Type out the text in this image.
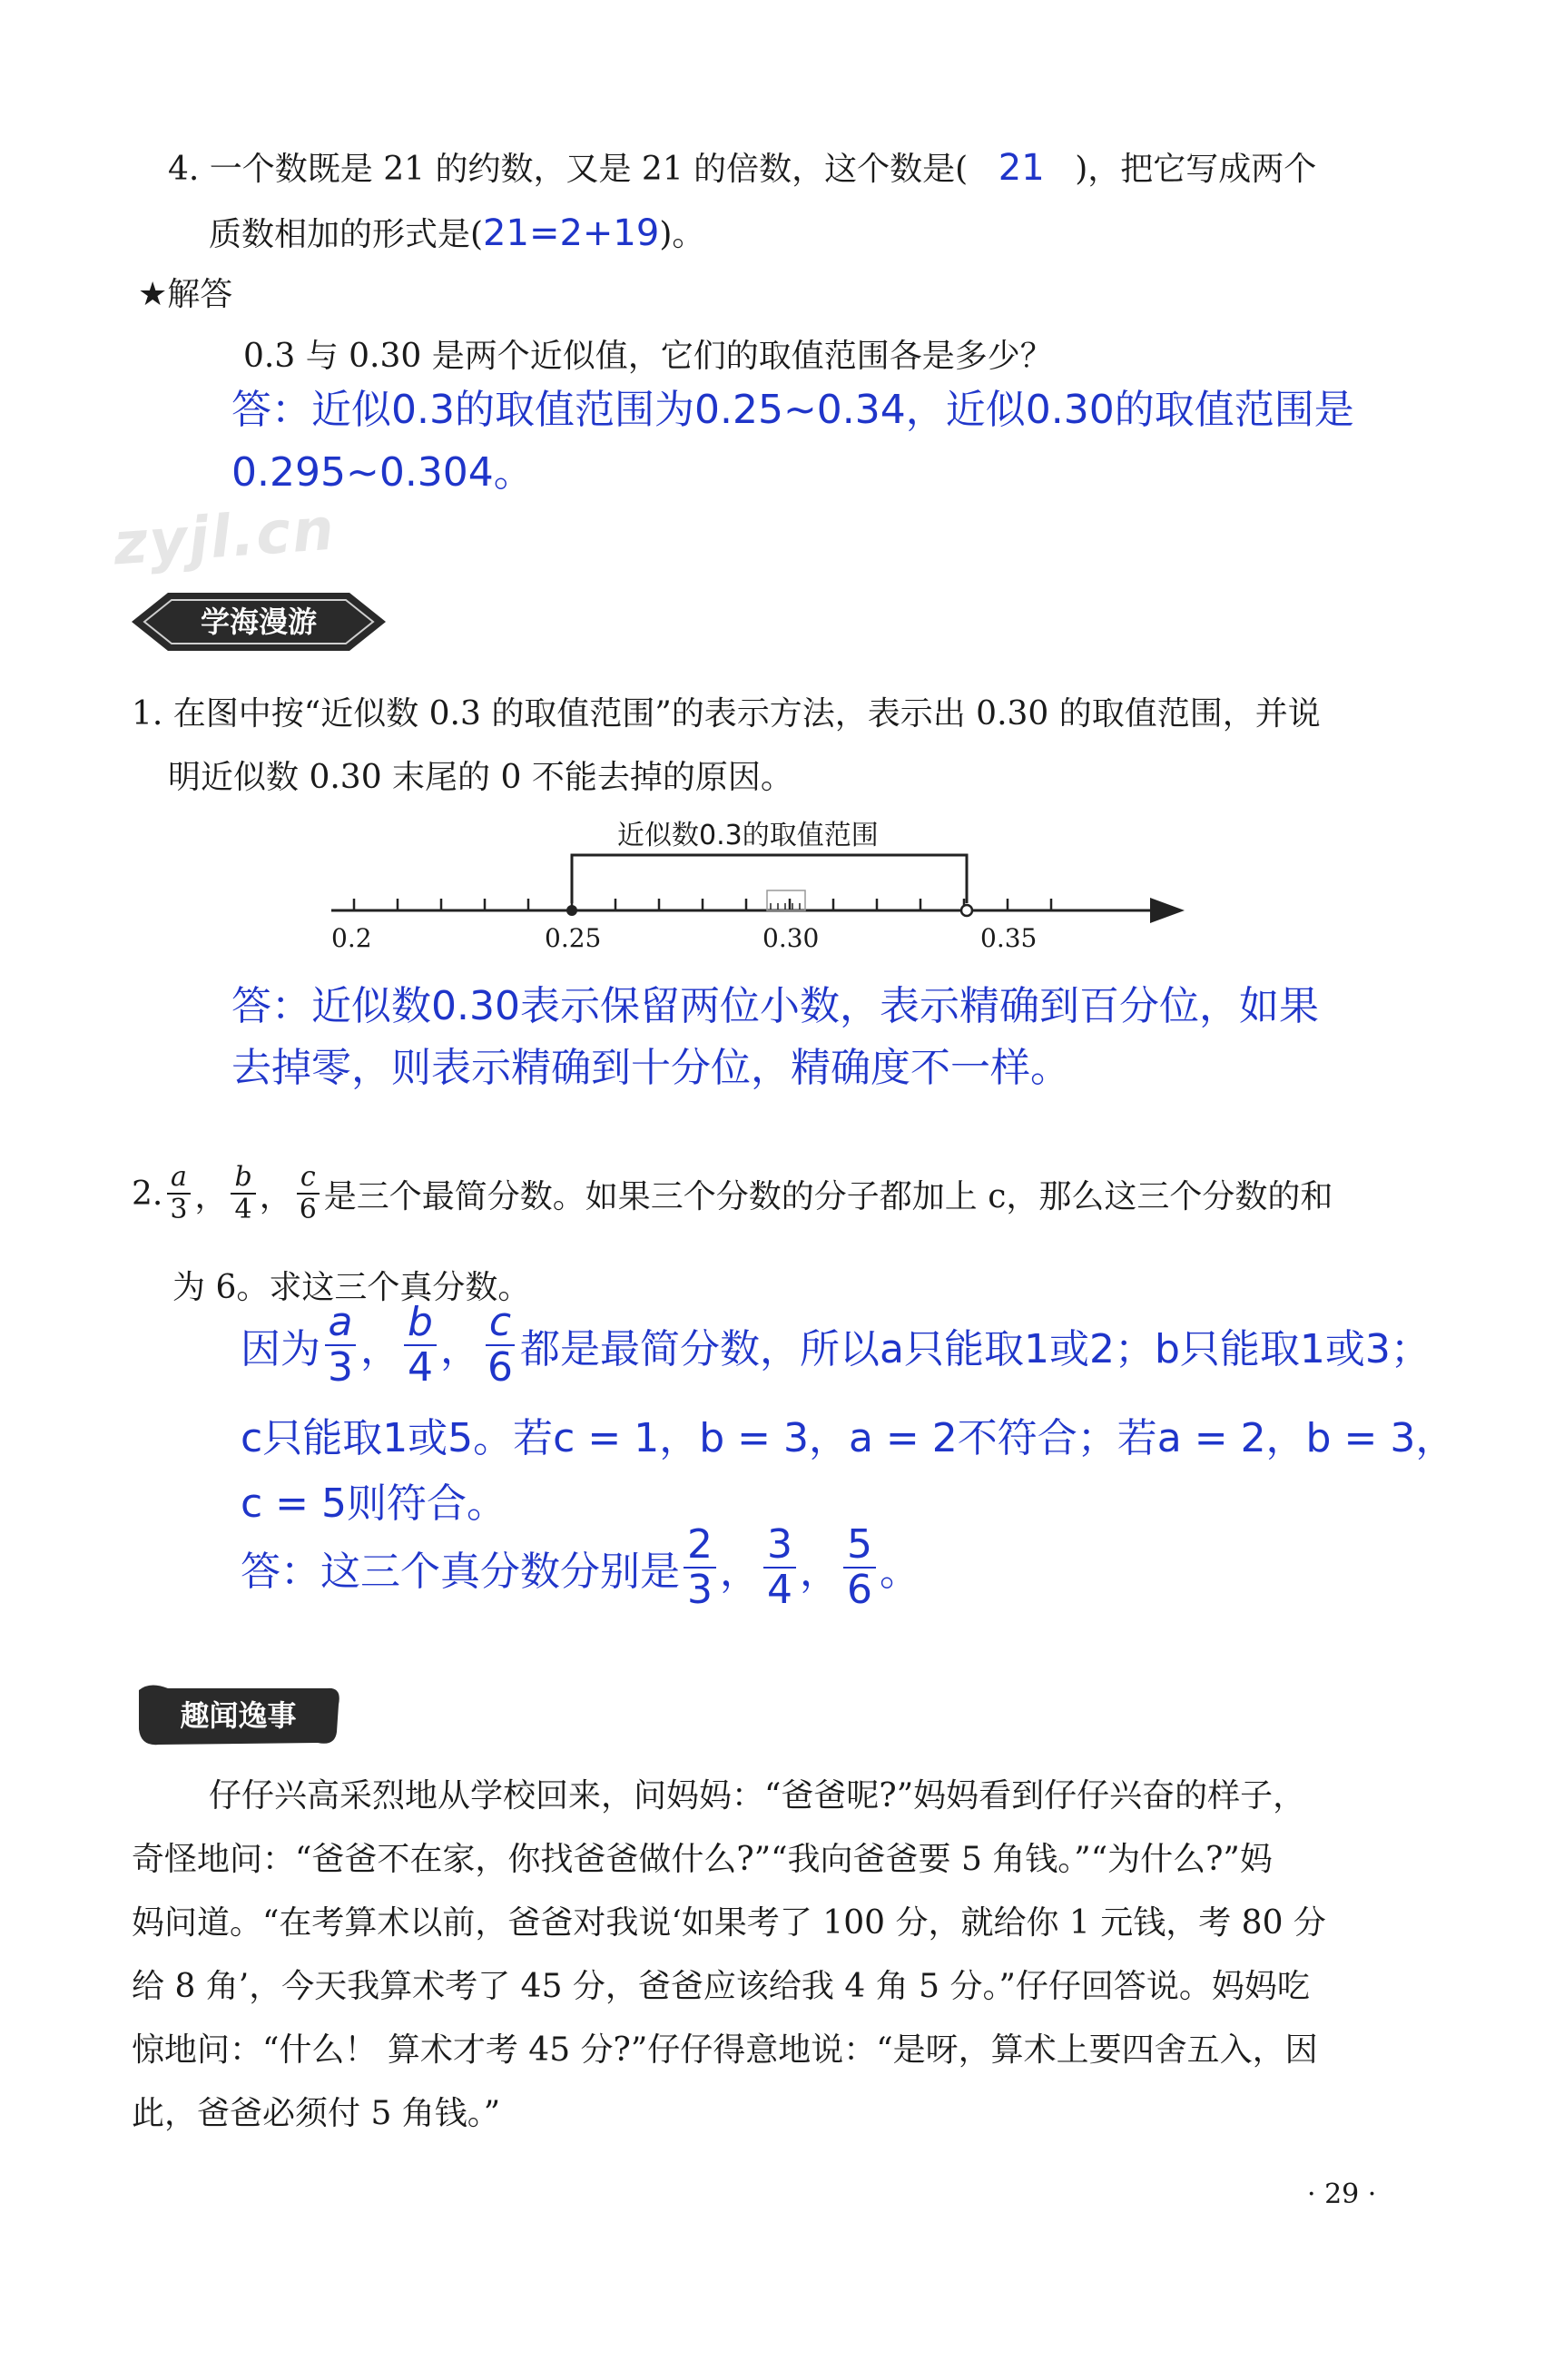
4. 一个数既是 21 的约数，又是 21 的倍数，这个数是( 21 )，把它写成两个
质数相加的形式是(21=2+19)。
★解答
0.3 与 0.30 是两个近似值，它们的取值范围各是多少？
答：近似0.3的取值范围为0.25~0.34，近似0.30的取值范围是
0.295~0.304。
zyjl.cn
学海漫游
1. 在图中按“近似数 0.3 的取值范围”的表示方法，表示出 0.30 的取值范围，并说
明近似数 0.30 末尾的 0 不能去掉的原因。
近似数0.3的取值范围
0.2	0.25	0.30	0.35
答：近似数0.30表示保留两位小数，表示精确到百分位，如果
去掉零，则表示精确到十分位，精确度不一样。
2. $\frac{a}{3}$ ， $\frac{b}{4}$ ， $\frac{c}{6}$ 是三个最简分数。如果三个分数的分子都加上 c，那么这三个分数的和
为 6。求这三个真分数。
因为 $\frac{a}{3}$ ， $\frac{b}{4}$ ， $\frac{c}{6}$ 都是最简分数，所以a只能取1或2；b只能取1或3；
c只能取1或5。若c = 1，b = 3，a = 2不符合；若a = 2，b = 3，
c = 5则符合。
答：这三个真分数分别是 $\frac{2}{3}$ ， $\frac{3}{4}$ ， $\frac{5}{6}$ 。
趣闻逸事
仔仔兴高采烈地从学校回来，问妈妈：“爸爸呢?”妈妈看到仔仔兴奋的样子，
奇怪地问：“爸爸不在家，你找爸爸做什么?”“我向爸爸要 5 角钱。”“为什么?”妈
妈问道。“在考算术以前，爸爸对我说‘如果考了 100 分，就给你 1 元钱，考 80 分
给 8 角’，今天我算术考了 45 分，爸爸应该给我 4 角 5 分。”仔仔回答说。妈妈吃
惊地问：“什么！ 算术才考 45 分?”仔仔得意地说：“是呀，算术上要四舍五入，因
此，爸爸必须付 5 角钱。”
· 29 ·
